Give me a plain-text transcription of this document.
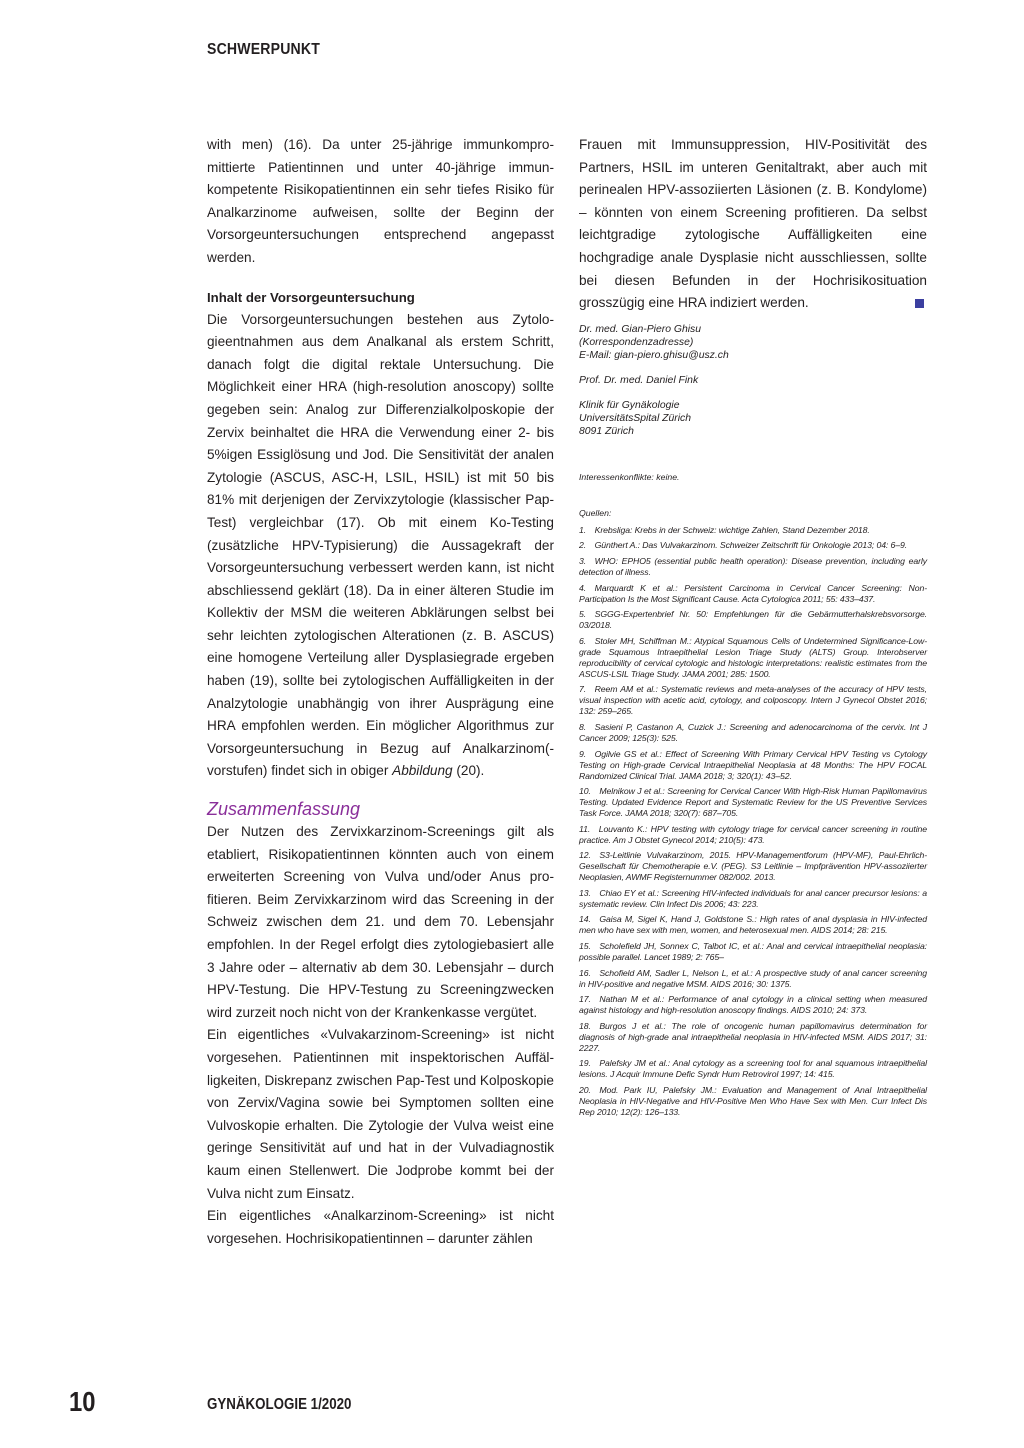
SCHWERPUNKT

with men) (16). Da unter 25-jährige immunkompromittierte Patientinnen und unter 40-jährige immunkompetente Risikopatientinnen ein sehr tiefes Risiko für Analkarzinome aufweisen, sollte der Beginn der Vorsorgeuntersuchungen entsprechend angepasst werden.

Inhalt der Vorsorgeuntersuchung

Die Vorsorgeuntersuchungen bestehen aus Zytologieentnahmen aus dem Analkanal als erstem Schritt, danach folgt die digital rektale Untersuchung. Die Möglichkeit einer HRA (high-resolution anoscopy) sollte gegeben sein: Analog zur Differenzialkolposkopie der Zervix beinhaltet die HRA die Verwendung einer 2- bis 5%igen Essiglösung und Jod. Die Sensitivität der analen Zytologie (ASCUS, ASC-H, LSIL, HSIL) ist mit 50 bis 81% mit derjenigen der Zervixzytologie (klassischer Pap-Test) vergleichbar (17). Ob mit einem Ko-Testing (zusätzliche HPV-Typisierung) die Aussagekraft der Vorsorgeuntersuchung verbessert werden kann, ist nicht abschliessend geklärt (18). Da in einer älteren Studie im Kollektiv der MSM die weiteren Abklärungen selbst bei sehr leichten zytologischen Alterationen (z. B. ASCUS) eine homogene Verteilung aller Dysplasiegrade ergeben haben (19), sollte bei zytologischen Auffälligkeiten in der Analzytologie unabhängig von ihrer Ausprägung eine HRA empfohlen werden. Ein möglicher Algorithmus zur Vorsorgeuntersuchung in Bezug auf Analkarzinom(-vorstufen) findet sich in obiger Abbildung (20).

Zusammenfassung

Der Nutzen des Zervixkarzinom-Screenings gilt als etabliert, Risikopatientinnen könnten auch von einem erweiterten Screening von Vulva und/oder Anus profitieren. Beim Zervixkarzinom wird das Screening in der Schweiz zwischen dem 21. und dem 70. Lebensjahr empfohlen. In der Regel erfolgt dies zytologiebasiert alle 3 Jahre oder – alternativ ab dem 30. Lebensjahr – durch HPV-Testung. Die HPV-Testung zu Screeningzwecken wird zurzeit noch nicht von der Krankenkasse vergütet.

Ein eigentliches «Vulvakarzinom-Screening» ist nicht vorgesehen. Patientinnen mit inspektorischen Auffälligkeiten, Diskrepanz zwischen Pap-Test und Kolposkopie von Zervix/Vagina sowie bei Symptomen sollten eine Vulvoskopie erhalten. Die Zytologie der Vulva weist eine geringe Sensitivität auf und hat in der Vulvadiagnostik kaum einen Stellenwert. Die Jodprobe kommt bei der Vulva nicht zum Einsatz.

Ein eigentliches «Analkarzinom-Screening» ist nicht vorgesehen. Hochrisikopatientinnen – darunter zählen

Frauen mit Immunsuppression, HIV-Positivität des Partners, HSIL im unteren Genitaltrakt, aber auch mit perinealen HPV-assoziierten Läsionen (z. B. Kondylome) – könnten von einem Screening profitieren. Da selbst leichtgradige zytologische Auffälligkeiten eine hochgradige anale Dysplasie nicht ausschliessen, sollte bei diesen Befunden in der Hochrisikosituation grosszügig eine HRA indiziert werden.

Dr. med. Gian-Piero Ghisu
(Korrespondenzadresse)
E-Mail: gian-piero.ghisu@usz.ch
Prof. Dr. med. Daniel Fink
Klinik für Gynäkologie
UniversitätsSpital Zürich
8091 Zürich
Interessenkonflikte: keine.
Quellen:
1. Krebsliga: Krebs in der Schweiz: wichtige Zahlen, Stand Dezember 2018.
2. Günthert A.: Das Vulvakarzinom. Schweizer Zeitschrift für Onkologie 2013; 04: 6–9.
3. WHO: EPHO5 (essential public health operation): Disease prevention, including early detection of illness.
4. Marquardt K et al.: Persistent Carcinoma in Cervical Cancer Screening: Non-Participation Is the Most Significant Cause. Acta Cytologica 2011; 55: 433–437.
5. SGGG-Expertenbrief Nr. 50: Empfehlungen für die Gebärmutterhalskrebsvorsorge. 03/2018.
6. Stoler MH, Schiffman M.: Atypical Squamous Cells of Undetermined Significance-Low-grade Squamous Intraepithelial Lesion Triage Study (ALTS) Group. Interobserver reproducibility of cervical cytologic and histologic interpretations: realistic estimates from the ASCUS-LSIL Triage Study. JAMA 2001; 285: 1500.
7. Reem AM et al.: Systematic reviews and meta-analyses of the accuracy of HPV tests, visual inspection with acetic acid, cytology, and colposcopy. Intern J Gynecol Obstet 2016; 132: 259–265.
8. Sasieni P, Castanon A, Cuzick J.: Screening and adenocarcinoma of the cervix. Int J Cancer 2009; 125(3): 525.
9. Ogilvie GS et al.: Effect of Screening With Primary Cervical HPV Testing vs Cytology Testing on High-grade Cervical Intraepithelial Neoplasia at 48 Months: The HPV FOCAL Randomized Clinical Trial. JAMA 2018; 3; 320(1): 43–52.
10. Melnikow J et al.: Screening for Cervical Cancer With High-Risk Human Papillomavirus Testing. Updated Evidence Report and Systematic Review for the US Preventive Services Task Force. JAMA 2018; 320(7): 687–705.
11. Louvanto K.: HPV testing with cytology triage for cervical cancer screening in routine practice. Am J Obstet Gynecol 2014; 210(5): 473.
12. S3-Leitlinie Vulvakarzinom, 2015. HPV-Managementforum (HPV-MF), Paul-Ehrlich-Gesellschaft für Chemotherapie e.V. (PEG). S3 Leitlinie – Impfprävention HPV-assoziierter Neoplasien, AWMF Registernummer 082/002. 2013.
13. Chiao EY et al.: Screening HIV-infected individuals for anal cancer precursor lesions: a systematic review. Clin Infect Dis 2006; 43: 223.
14. Gaisa M, Sigel K, Hand J, Goldstone S.: High rates of anal dysplasia in HIV-infected men who have sex with men, women, and heterosexual men. AIDS 2014; 28: 215.
15. Scholefield JH, Sonnex C, Talbot IC, et al.: Anal and cervical intraepithelial neoplasia: possible parallel. Lancet 1989; 2: 765–
16. Schofield AM, Sadler L, Nelson L, et al.: A prospective study of anal cancer screening in HIV-positive and negative MSM. AIDS 2016; 30: 1375.
17. Nathan M et al.: Performance of anal cytology in a clinical setting when measured against histology and high-resolution anoscopy findings. AIDS 2010; 24: 373.
18. Burgos J et al.: The role of oncogenic human papillomavirus determination for diagnosis of high-grade anal intraepithelial neoplasia in HIV-infected MSM. AIDS 2017; 31: 2227.
19. Palefsky JM et al.: Anal cytology as a screening tool for anal squamous intraepithelial lesions. J Acquir Immune Defic Syndr Hum Retrovirol 1997; 14: 415.
20. Mod. Park IU, Palefsky JM.: Evaluation and Management of Anal Intraepithelial Neoplasia in HIV-Negative and HIV-Positive Men Who Have Sex with Men. Curr Infect Dis Rep 2010; 12(2): 126–133.
10	GYNÄKOLOGIE 1/2020
